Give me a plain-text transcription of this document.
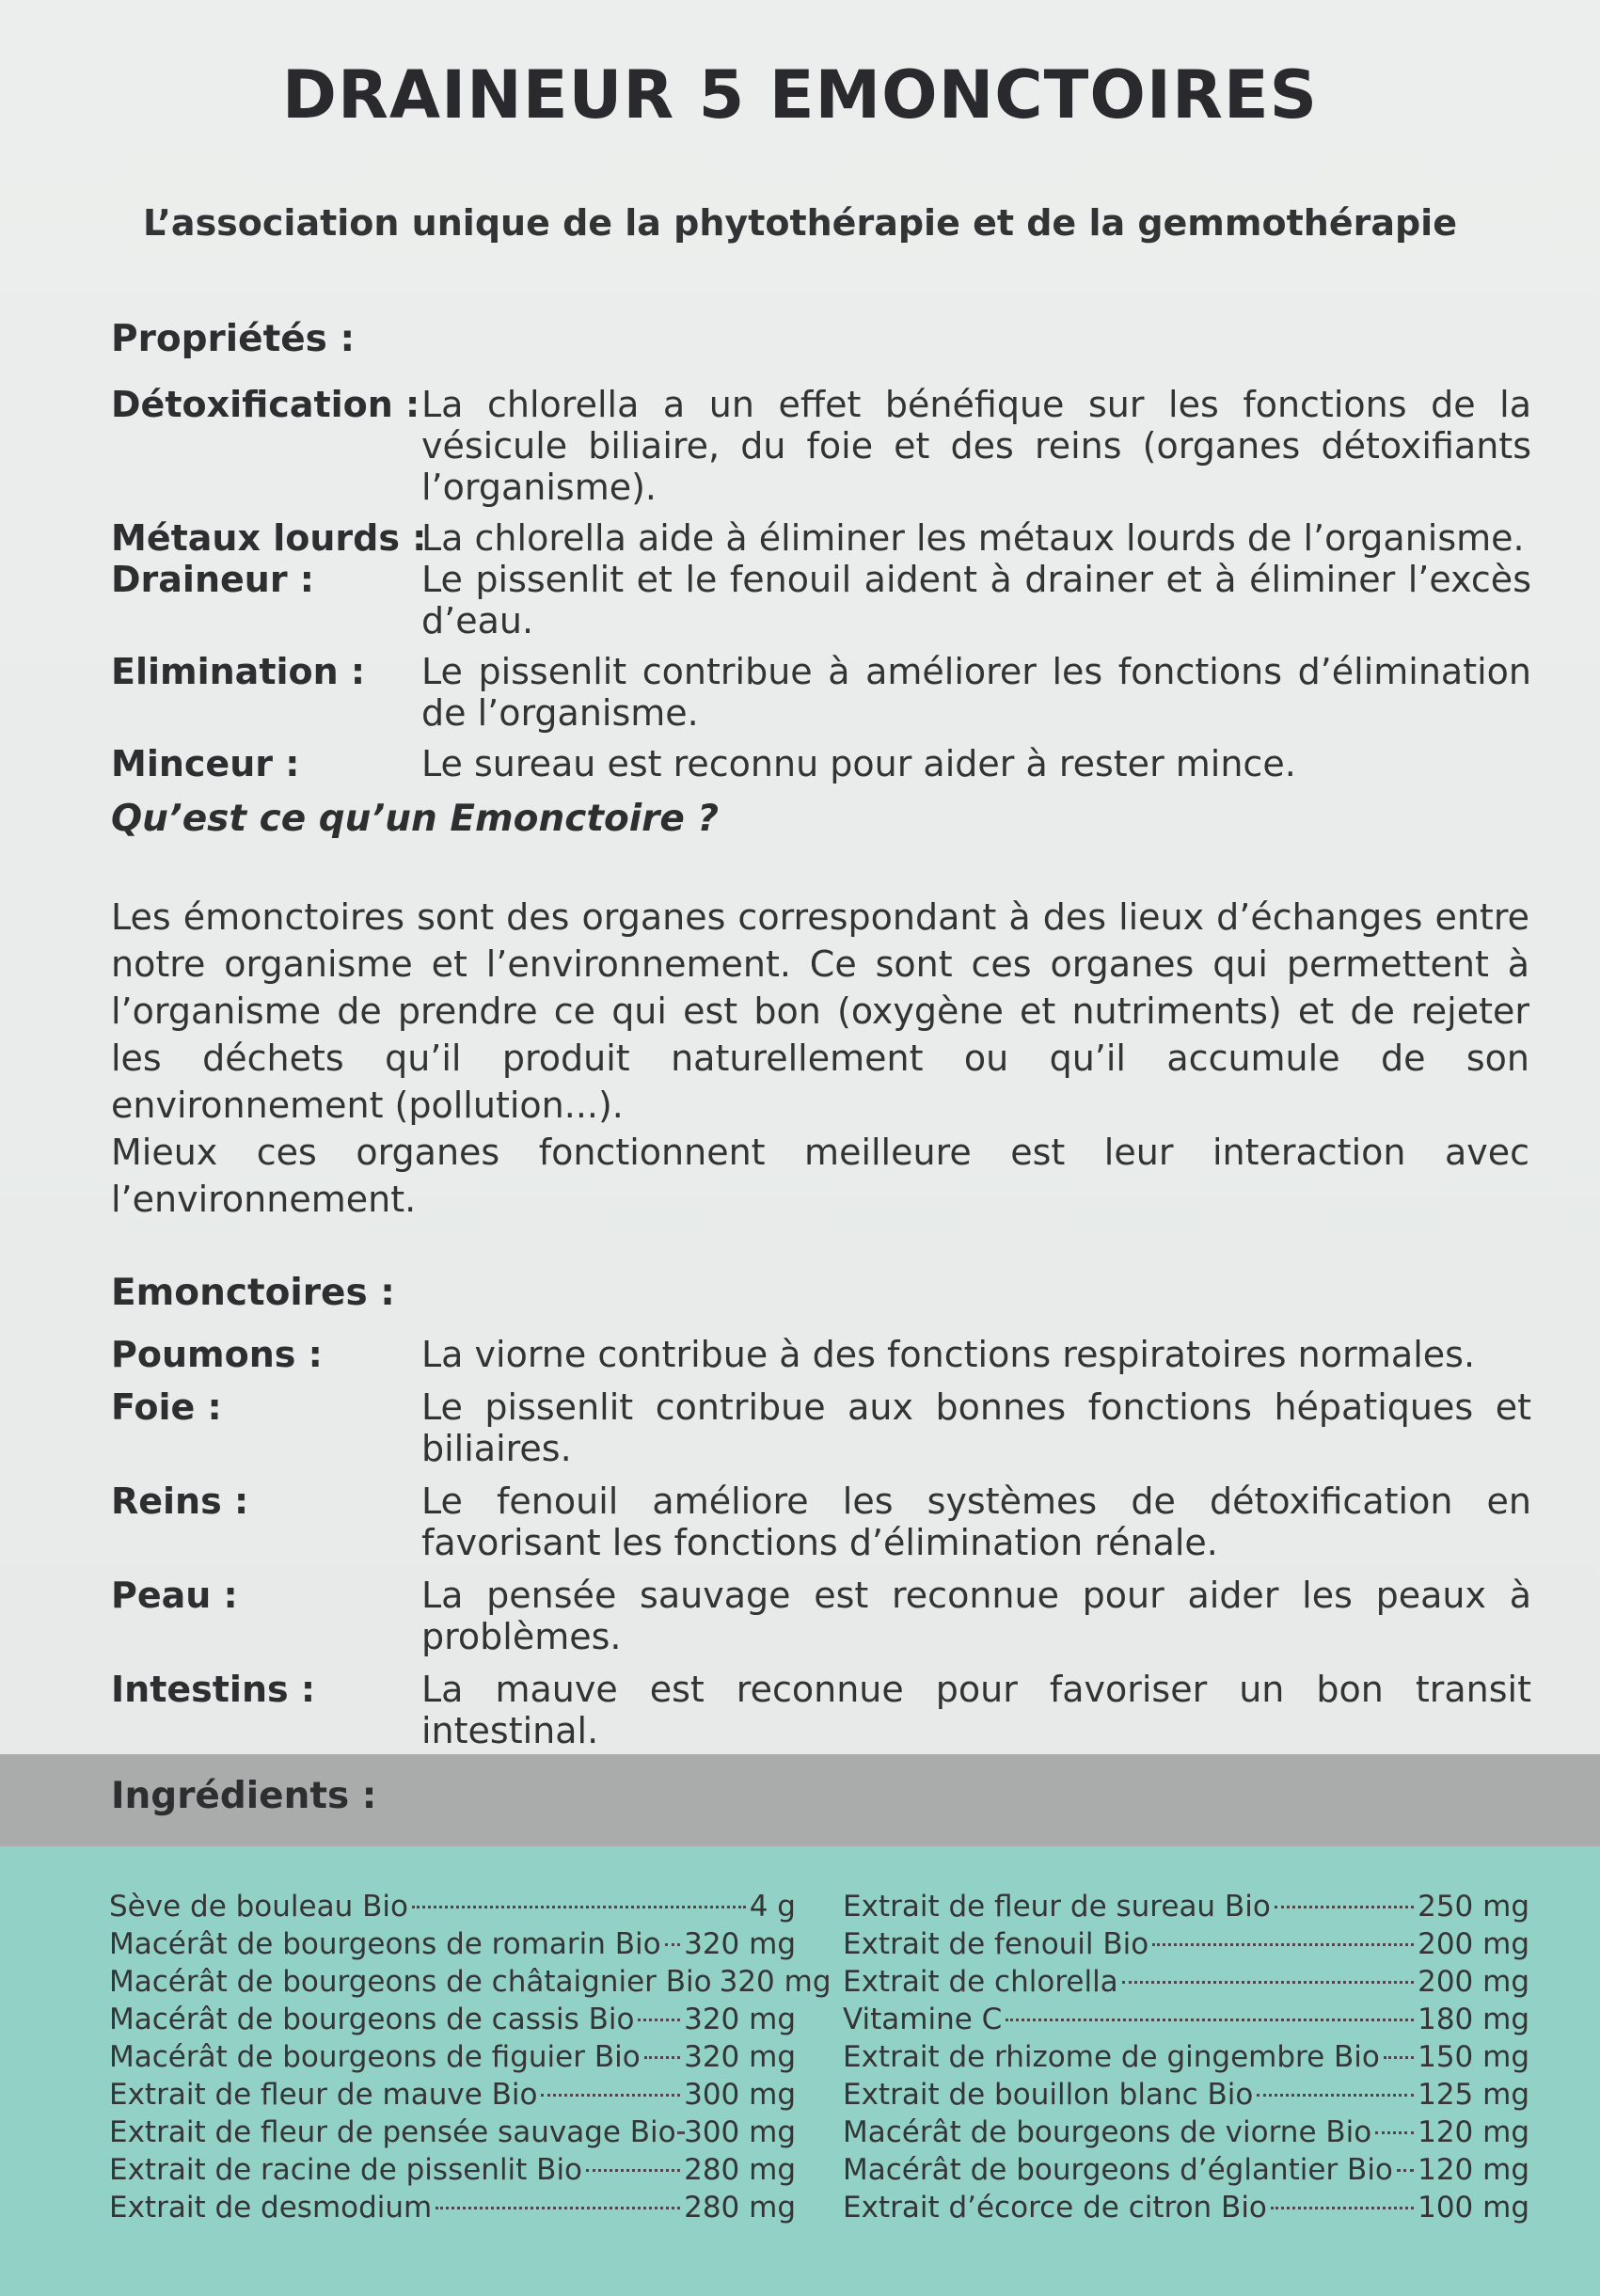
DRAINEUR 5 EMONCTOIRES
L’association unique de la phytothérapie et de la gemmothérapie
Propriétés :
Détoxification : La chlorella a un effet bénéfique sur les fonctions de la vésicule biliaire, du foie et des reins (organes détoxifiants l’organisme).
Métaux lourds :
La chlorella aide à éliminer les métaux lourds de l’organisme.
Draineur :	Le pissenlit et le fenouil aident à drainer et à éliminer l’excès d’eau.
Elimination :	Le pissenlit contribue à améliorer les fonctions d’élimination de l’organisme.
Minceur :	Le sureau est reconnu pour aider à rester mince.
Qu’est ce qu’un Emonctoire ?

Les émonctoires sont des organes correspondant à des lieux d’échanges entre notre organisme et l’environnement. Ce sont ces organes qui permettent à l’organisme de prendre ce qui est bon (oxygène et nutriments) et de rejeter les déchets qu’il produit naturellement ou qu’il accumule de son environnement (pollution...).

Mieux ces organes fonctionnent meilleure est leur interaction avec l’environnement.

Emonctoires :
Poumons :	La viorne contribue à des fonctions respiratoires normales.
Foie :	Le pissenlit contribue aux bonnes fonctions hépatiques et biliaires.
Reins :	Le fenouil améliore les systèmes de détoxification en favorisant les fonctions d’élimination rénale.
Peau :	La pensée sauvage est reconnue pour aider les peaux à problèmes.
Intestins :	La mauve est reconnue pour favoriser un bon transit intestinal.
Ingrédients :
Sève de bouleau Bio	4 g
Macérât de bourgeons de romarin Bio 320 mg
Macérât de bourgeons de châtaignier Bio 320 mg
Macérât de bourgeons de cassis Bio 320 mg
Macérât de bourgeons de figuier Bio 320 mg
Extrait de fleur de mauve Bio	300 mg
Extrait de fleur de pensée sauvage Bio 300 mg
Extrait de racine de pissenlit Bio	280 mg
Extrait de desmodium	280 mg
Extrait de fleur de sureau Bio	250 mg
Extrait de fenouil Bio	200 mg
Extrait de chlorella	200 mg
Vitamine C	180 mg
Extrait de rhizome de gingembre Bio 150 mg
Extrait de bouillon blanc Bio	125 mg
Macérât de bourgeons de viorne Bio 120 mg
Macérât de bourgeons d’églantier Bio 120 mg
Extrait d’écorce de citron Bio	100 mg
